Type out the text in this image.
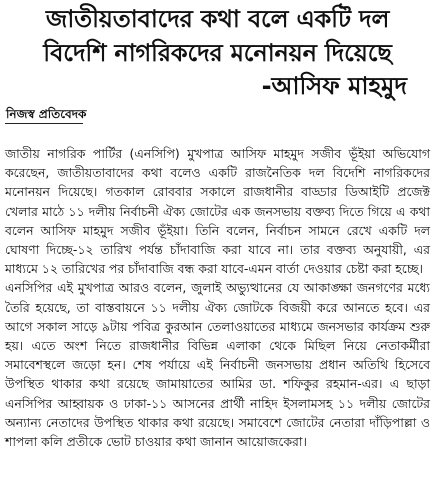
জাতীয়তাবাদের কথা বলে একটি দল
বিদেশি নাগরিকদের মনোনয়ন দিয়েছে
-আসিফ মাহমুদ
নিজস্ব প্রতিবেদক

জাতীয় নাগরিক পার্টির (এনসিপি) মুখপাত্র আসিফ মাহমুদ সজীব ভূঁইয়া অভিযোগ করেছেন, জাতীয়তাবাদের কথা বলেও একটি রাজনৈতিক দল বিদেশি নাগরিকদের মনোনয়ন দিয়েছে। গতকাল রোববার সকালে রাজধানীর বাড্ডার ডিআইটি প্রজেক্ট খেলার মাঠে ১১ দলীয় নির্বাচনী ঐক্য জোটের এক জনসভায় বক্তব্য দিতে গিয়ে এ কথা বলেন আসিফ মাহমুদ সজীব ভূঁইয়া। তিনি বলেন, নির্বাচন সামনে রেখে একটি দল ঘোষণা দিচ্ছে-১২ তারিখ পর্যন্ত চাঁদাবাজি করা যাবে না। তার বক্তব্য অনুযায়ী, এর মাধ্যমে ১২ তারিখের পর চাঁদাবাজি বন্ধ করা যাবে-এমন বার্তা দেওয়ার চেষ্টা করা হচ্ছে।

এনসিপির এই মুখপাত্র আরও বলেন, জুলাই অভ্যুত্থানের যে আকাঙ্ক্ষা জনগণের মধ্যে তৈরি হয়েছে, তা বাস্তবায়নে ১১ দলীয় ঐক্য জোটকে বিজয়ী করে আনতে হবে। এর আগে সকাল সাড়ে ৯টায় পবিত্র কুরআন তেলাওয়াতের মাধ্যমে জনসভার কার্যক্রম শুরু হয়। এতে অংশ নিতে রাজধানীর বিভিন্ন এলাকা থেকে মিছিল নিয়ে নেতাকর্মীরা সমাবেশস্থলে জড়ো হন। শেষ পর্যায়ে এই নির্বাচনী জনসভায় প্রধান অতিথি হিসেবে উপস্থিত থাকার কথা রয়েছে জামায়াতের আমির ডা. শফিকুর রহমান-এর। এ ছাড়া এনসিপির আহ্বায়ক ও ঢাকা-১১ আসনের প্রার্থী নাহিদ ইসলামসহ ১১ দলীয় জোটের অন্যান্য নেতাদের উপস্থিত থাকার কথা রয়েছে। সমাবেশে জোটের নেতারা দাঁড়িপাল্লা ও শাপলা কলি প্রতীকে ভোট চাওয়ার কথা জানান আয়োজকেরা।
